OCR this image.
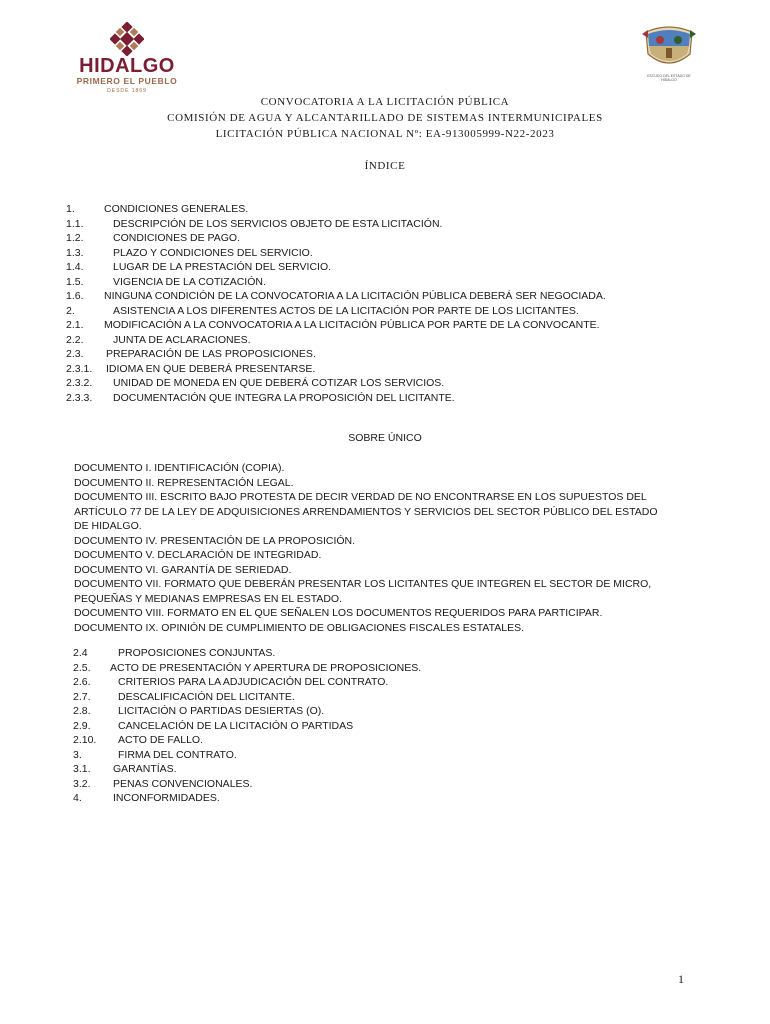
HIDALGO
PRIMERO EL PUEBLO
DESDE 1869
ESCUDO DEL ESTADO DE HIDALGO
CONVOCATORIA A LA LICITACIÓN PÚBLICA
COMISIÓN DE AGUA Y ALCANTARILLADO DE SISTEMAS INTERMUNICIPALES
LICITACIÓN PÚBLICA NACIONAL Nº: EA-913005999-N22-2023
ÍNDICE
1.	CONDICIONES GENERALES.
1.1.	DESCRIPCIÓN DE LOS SERVICIOS OBJETO DE ESTA LICITACIÓN.
1.2.	CONDICIONES DE PAGO.
1.3.	PLAZO Y CONDICIONES DEL SERVICIO.
1.4.	LUGAR DE LA PRESTACIÓN DEL SERVICIO.
1.5.	VIGENCIA DE LA COTIZACIÓN.
1.6. NINGUNA CONDICIÓN DE LA CONVOCATORIA A LA LICITACIÓN PÚBLICA DEBERÁ SER NEGOCIADA.
2.	ASISTENCIA A LOS DIFERENTES ACTOS DE LA LICITACIÓN POR PARTE DE LOS LICITANTES.
2.1. MODIFICACIÓN A LA CONVOCATORIA A LA LICITACIÓN PÚBLICA POR PARTE DE LA CONVOCANTE.
2.2.	JUNTA DE ACLARACIONES.
2.3. PREPARACIÓN DE LAS PROPOSICIONES.
2.3.1. IDIOMA EN QUE DEBERÁ PRESENTARSE.
2.3.2. UNIDAD DE MONEDA EN QUE DEBERÁ COTIZAR LOS SERVICIOS.
2.3.3. DOCUMENTACIÓN QUE INTEGRA LA PROPOSICIÓN DEL LICITANTE.
SOBRE ÚNICO

DOCUMENTO I. IDENTIFICACIÓN (COPIA).

DOCUMENTO II. REPRESENTACIÓN LEGAL.

DOCUMENTO III. ESCRITO BAJO PROTESTA DE DECIR VERDAD DE NO ENCONTRARSE EN LOS SUPUESTOS DEL ARTÍCULO 77 DE LA LEY DE ADQUISICIONES ARRENDAMIENTOS Y SERVICIOS DEL SECTOR PÚBLICO DEL ESTADO DE HIDALGO.

DOCUMENTO IV. PRESENTACIÓN DE LA PROPOSICIÓN.

DOCUMENTO V. DECLARACIÓN DE INTEGRIDAD.

DOCUMENTO VI. GARANTÍA DE SERIEDAD.

DOCUMENTO VII. FORMATO QUE DEBERÁN PRESENTAR LOS LICITANTES QUE INTEGREN EL SECTOR DE MICRO, PEQUEÑAS Y MEDIANAS EMPRESAS EN EL ESTADO.

DOCUMENTO VIII. FORMATO EN EL QUE SEÑALEN LOS DOCUMENTOS REQUERIDOS PARA PARTICIPAR.

DOCUMENTO IX. OPINIÓN DE CUMPLIMIENTO DE OBLIGACIONES FISCALES ESTATALES.

2.4	PROPOSICIONES CONJUNTAS.
2.5. ACTO DE PRESENTACIÓN Y APERTURA DE PROPOSICIONES.
2.6.	CRITERIOS PARA LA ADJUDICACIÓN DEL CONTRATO.
2.7.	DESCALIFICACIÓN DEL LICITANTE.
2.8.	LICITACIÓN O PARTIDAS DESIERTAS (O).
2.9.	CANCELACIÓN DE LA LICITACIÓN O PARTIDAS
2.10. ACTO DE FALLO.
3.	FIRMA DEL CONTRATO.
3.1. GARANTÍAS.
3.2. PENAS CONVENCIONALES.
4.	INCONFORMIDADES.
1
